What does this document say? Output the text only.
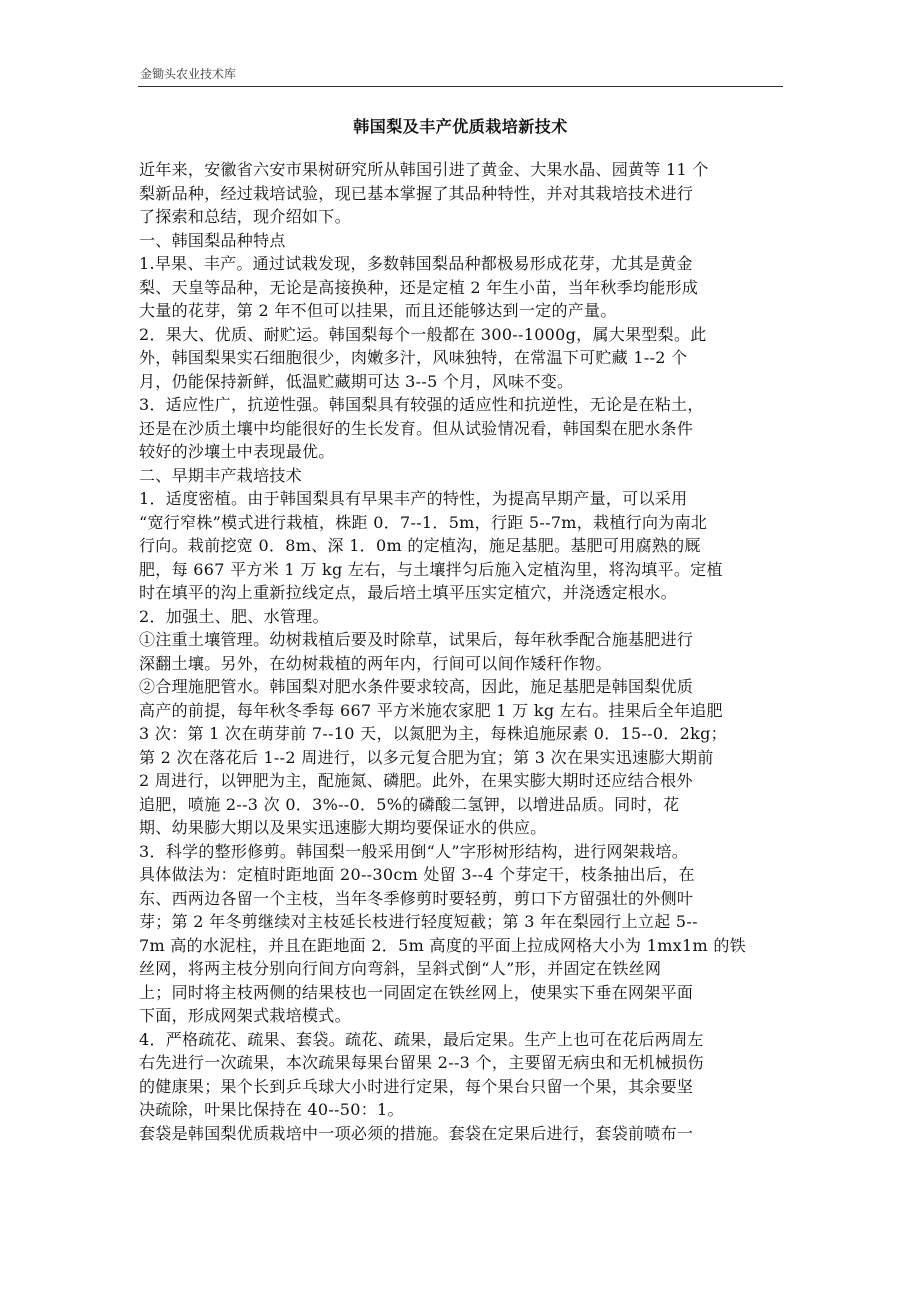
金锄头农业技术库
韩国梨及丰产优质栽培新技术

近年来，安徽省六安市果树研究所从韩国引进了黄金、大果水晶、园黄等 11 个

梨新品种，经过栽培试验，现已基本掌握了其品种特性，并对其栽培技术进行

了探索和总结，现介绍如下。

一、韩国梨品种特点

1.早果、丰产。通过试栽发现，多数韩国梨品种都极易形成花芽，尤其是黄金

梨、天皇等品种，无论是高接换种，还是定植 2 年生小苗，当年秋季均能形成

大量的花芽，第 2 年不但可以挂果，而且还能够达到一定的产量。

2．果大、优质、耐贮运。韩国梨每个一般都在 300--1000g，属大果型梨。此

外，韩国梨果实石细胞很少，肉嫩多汁，风味独特，在常温下可贮藏 1--2 个

月，仍能保持新鲜，低温贮藏期可达 3--5 个月，风味不变。

3．适应性广，抗逆性强。韩国梨具有较强的适应性和抗逆性，无论是在粘土，

还是在沙质土壤中均能很好的生长发育。但从试验情况看，韩国梨在肥水条件

较好的沙壤土中表现最优。

二、早期丰产栽培技术

1．适度密植。由于韩国梨具有早果丰产的特性，为提高早期产量，可以采用

“宽行窄株”模式进行栽植，株距 0．7--1．5m，行距 5--7m，栽植行向为南北

行向。栽前挖宽 0．8m、深 1．0m 的定植沟，施足基肥。基肥可用腐熟的厩

肥，每 667 平方米 1 万 kg 左右，与土壤拌匀后施入定植沟里，将沟填平。定植

时在填平的沟上重新拉线定点，最后培土填平压实定植穴，并浇透定根水。

2．加强土、肥、水管理。

①注重土壤管理。幼树栽植后要及时除草，试果后，每年秋季配合施基肥进行

深翻土壤。另外，在幼树栽植的两年内，行间可以间作矮秆作物。

②合理施肥管水。韩国梨对肥水条件要求较高，因此，施足基肥是韩国梨优质

高产的前提，每年秋冬季每 667 平方米施农家肥 1 万 kg 左右。挂果后全年追肥

3 次：第 1 次在萌芽前 7--10 天，以氮肥为主，每株追施尿素 0．15--0．2kg；

第 2 次在落花后 1--2 周进行，以多元复合肥为宜；第 3 次在果实迅速膨大期前

2 周进行，以钾肥为主，配施氮、磷肥。此外，在果实膨大期时还应结合根外

追肥，喷施 2--3 次 0．3%--0．5%的磷酸二氢钾，以增进品质。同时，花

期、幼果膨大期以及果实迅速膨大期均要保证水的供应。

3．科学的整形修剪。韩国梨一般采用倒“人”字形树形结构，进行网架栽培。

具体做法为：定植时距地面 20--30cm 处留 3--4 个芽定干，枝条抽出后，在

东、西两边各留一个主枝，当年冬季修剪时要轻剪，剪口下方留强壮的外侧叶

芽；第 2 年冬剪继续对主枝延长枝进行轻度短截；第 3 年在梨园行上立起 5--

7m 高的水泥柱，并且在距地面 2．5m 高度的平面上拉成网格大小为 1mx1m 的铁

丝网，将两主枝分别向行间方向弯斜，呈斜式倒“人”形，并固定在铁丝网

上；同时将主枝两侧的结果枝也一同固定在铁丝网上，使果实下垂在网架平面

下面，形成网架式栽培模式。

4．严格疏花、疏果、套袋。疏花、疏果，最后定果。生产上也可在花后两周左

右先进行一次疏果，本次疏果每果台留果 2--3 个，主要留无病虫和无机械损伤

的健康果；果个长到乒乓球大小时进行定果，每个果台只留一个果，其余要坚

决疏除，叶果比保持在 40--50：1。

套袋是韩国梨优质栽培中一项必须的措施。套袋在定果后进行，套袋前喷布一
